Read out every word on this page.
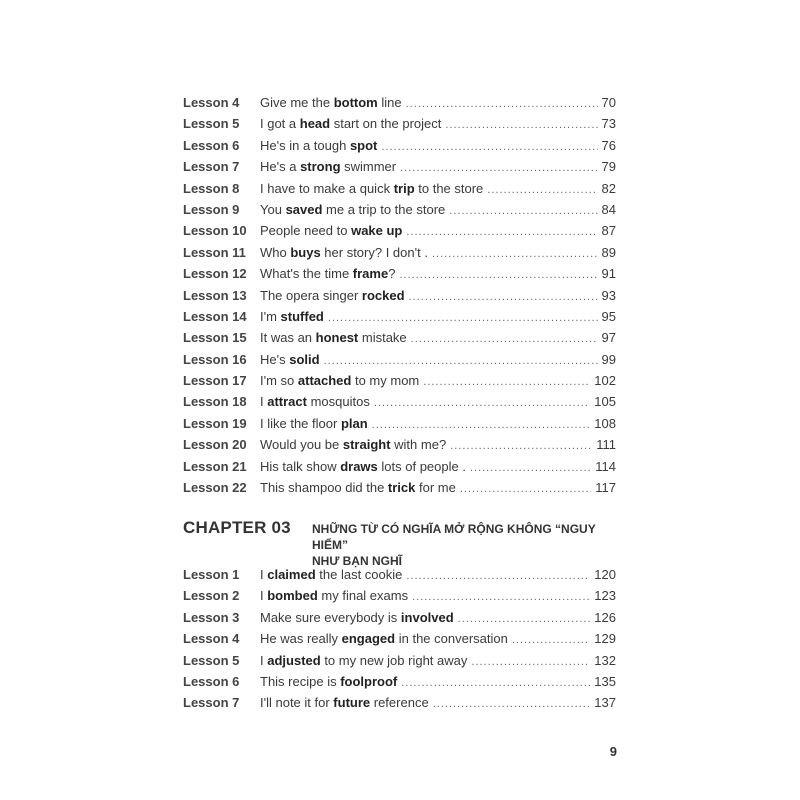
Lesson 4	Give me the bottom line .....	70
Lesson 5	I got a head start on the project .....	73
Lesson 6	He's in a tough spot .....	76
Lesson 7	He's a strong swimmer .....	79
Lesson 8	I have to make a quick trip to the store .....	82
Lesson 9	You saved me a trip to the store .....	84
Lesson 10	People need to wake up .....	87
Lesson 11	Who buys her story? I don't . .....	89
Lesson 12	What's the time frame? .....	91
Lesson 13	The opera singer rocked .....	93
Lesson 14	I'm stuffed .....	95
Lesson 15	It was an honest mistake .....	97
Lesson 16	He's solid .....	99
Lesson 17	I'm so attached to my mom .....	102
Lesson 18	I attract mosquitos .....	105
Lesson 19	I like the floor plan .....	108
Lesson 20	Would you be straight with me? .....	111
Lesson 21	His talk show draws lots of people . .....	114
Lesson 22	This shampoo did the trick for me .....	117
CHAPTER 03	NHỮNG TỪ CÓ NGHĨA MỞ RỘNG KHÔNG “NGUY HIỂM”
NHƯ BẠN NGHĨ
Lesson 1	I claimed the last cookie .....	120
Lesson 2	I bombed my final exams .....	123
Lesson 3	Make sure everybody is involved .....	126
Lesson 4	He was really engaged in the conversation .....	129
Lesson 5	I adjusted to my new job right away .....	132
Lesson 6	This recipe is foolproof .....	135
Lesson 7	I'll note it for future reference .....	137
9
